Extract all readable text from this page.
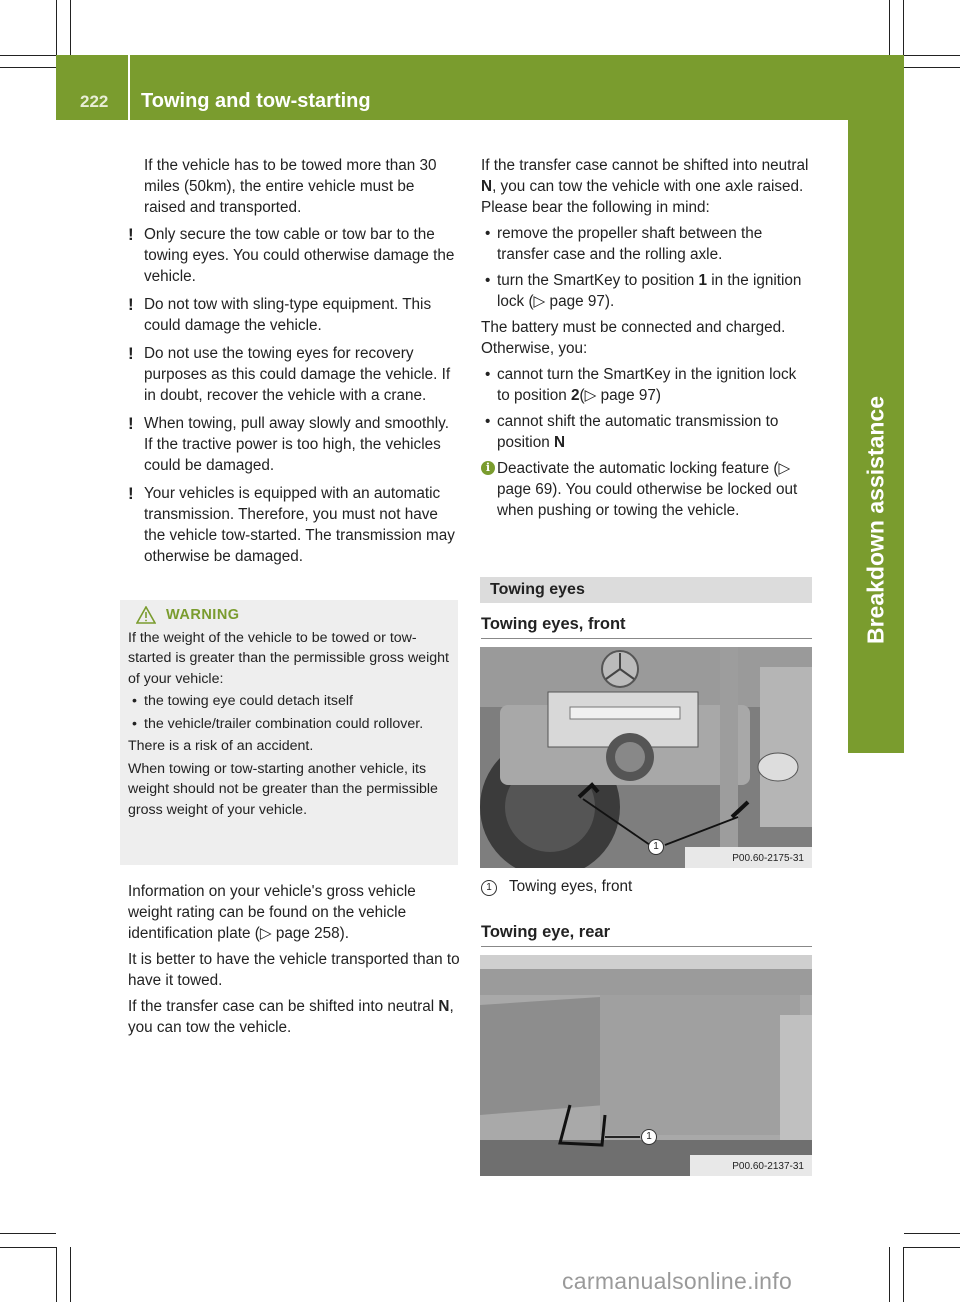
222 Towing and tow-starting
Breakdown assistance

If the vehicle has to be towed more than 30 miles (50km), the entire vehicle must be raised and transported.

! Only secure the tow cable or tow bar to the towing eyes. You could otherwise damage the vehicle.
! Do not tow with sling-type equipment. This could damage the vehicle.
! Do not use the towing eyes for recovery purposes as this could damage the vehicle. If in doubt, recover the vehicle with a crane.
! When towing, pull away slowly and smoothly. If the tractive power is too high, the vehicles could be damaged.
! Your vehicles is equipped with an automatic transmission. Therefore, you must not have the vehicle tow-started. The transmission may otherwise be damaged.
WARNING

If the weight of the vehicle to be towed or tow-started is greater than the permissible gross weight of your vehicle:

• the towing eye could detach itself
• the vehicle/trailer combination could rollover.

There is a risk of an accident.

When towing or tow-starting another vehicle, its weight should not be greater than the permissible gross weight of your vehicle.

Information on your vehicle's gross vehicle weight rating can be found on the vehicle identification plate (▷ page 258).

It is better to have the vehicle transported than to have it towed.

If the transfer case can be shifted into neutral N, you can tow the vehicle.

If the transfer case cannot be shifted into neutral N, you can tow the vehicle with one axle raised. Please bear the following in mind:

• remove the propeller shaft between the transfer case and the rolling axle.
• turn the SmartKey to position 1 in the ignition lock (▷ page 97).

The battery must be connected and charged. Otherwise, you:

• cannot turn the SmartKey in the ignition lock to position 2(▷ page 97)
• cannot shift the automatic transmission to position N
i Deactivate the automatic locking feature (▷ page 69). You could otherwise be locked out when pushing or towing the vehicle.
Towing eyes
Towing eyes, front
1
P00.60-2175-31
1 Towing eyes, front
Towing eye, rear
1
P00.60-2137-31
carmanualsonline.info
